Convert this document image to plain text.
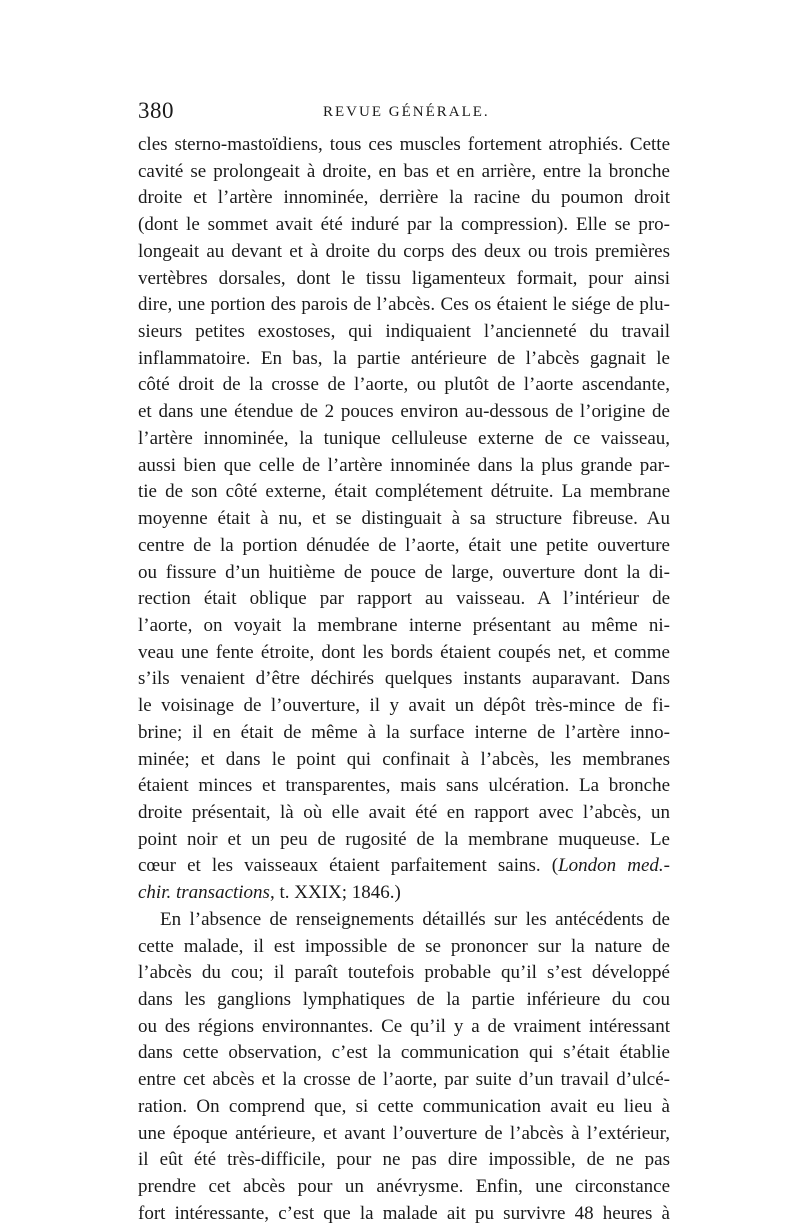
380	REVUE GÉNÉRALE.
cles sterno-mastoïdiens, tous ces muscles fortement atrophiés. Cette
cavité se prolongeait à droite, en bas et en arrière, entre la bronche
droite et l’artère innominée, derrière la racine du poumon droit
(dont le sommet avait été induré par la compression). Elle se pro-
longeait au devant et à droite du corps des deux ou trois premières
vertèbres dorsales, dont le tissu ligamenteux formait, pour ainsi
dire, une portion des parois de l’abcès. Ces os étaient le siége de plu-
sieurs petites exostoses, qui indiquaient l’ancienneté du travail
inflammatoire. En bas, la partie antérieure de l’abcès gagnait le
côté droit de la crosse de l’aorte, ou plutôt de l’aorte ascendante,
et dans une étendue de 2 pouces environ au-dessous de l’origine de
l’artère innominée, la tunique celluleuse externe de ce vaisseau,
aussi bien que celle de l’artère innominée dans la plus grande par-
tie de son côté externe, était complétement détruite. La membrane
moyenne était à nu, et se distinguait à sa structure fibreuse. Au
centre de la portion dénudée de l’aorte, était une petite ouverture
ou fissure d’un huitième de pouce de large, ouverture dont la di-
rection était oblique par rapport au vaisseau. A l’intérieur de
l’aorte, on voyait la membrane interne présentant au même ni-
veau une fente étroite, dont les bords étaient coupés net, et comme
s’ils venaient d’être déchirés quelques instants auparavant. Dans
le voisinage de l’ouverture, il y avait un dépôt très-mince de fi-
brine; il en était de même à la surface interne de l’artère inno-
minée; et dans le point qui confinait à l’abcès, les membranes
étaient minces et transparentes, mais sans ulcération. La bronche
droite présentait, là où elle avait été en rapport avec l’abcès, un
point noir et un peu de rugosité de la membrane muqueuse. Le
cœur et les vaisseaux étaient parfaitement sains. (London med.-
chir. transactions, t. XXIX; 1846.)
En l’absence de renseignements détaillés sur les antécédents de
cette malade, il est impossible de se prononcer sur la nature de
l’abcès du cou; il paraît toutefois probable qu’il s’est développé
dans les ganglions lymphatiques de la partie inférieure du cou
ou des régions environnantes. Ce qu’il y a de vraiment intéressant
dans cette observation, c’est la communication qui s’était établie
entre cet abcès et la crosse de l’aorte, par suite d’un travail d’ulcé-
ration. On comprend que, si cette communication avait eu lieu à
une époque antérieure, et avant l’ouverture de l’abcès à l’extérieur,
il eût été très-difficile, pour ne pas dire impossible, de ne pas
prendre cet abcès pour un anévrysme. Enfin, une circonstance
fort intéressante, c’est que la malade ait pu survivre 48 heures à
